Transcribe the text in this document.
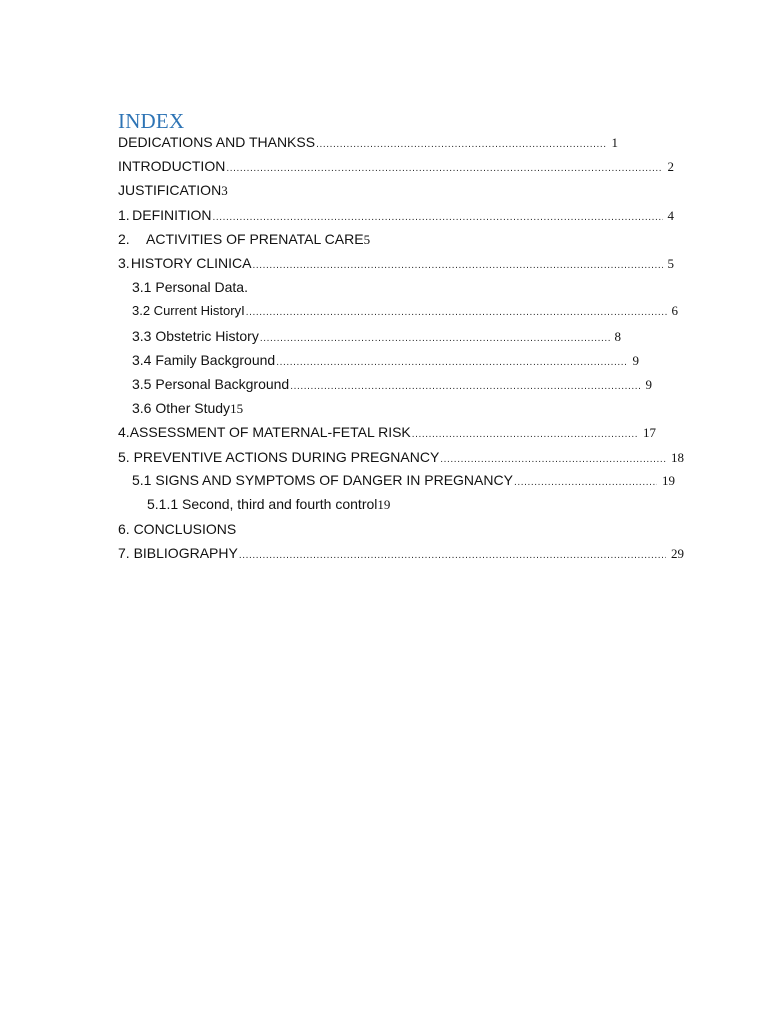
INDEX
DEDICATIONS AND THANKSS .....	1
INTRODUCTION .....	2
JUSTIFICATION 3
1. DEFINITION .....	4
2.	ACTIVITIES OF PRENATAL CARE 5
3. HISTORY CLINICA .....	5
3.1 Personal Data.
3.2 Current HistoryI .....	6
3.3 Obstetric History .....	8
3.4 Family Background .....	9
3.5 Personal Background .....	9
3.6 Other Study 15
4. ASSESSMENT OF MATERNAL-FETAL RISK .....	17
5. PREVENTIVE ACTIONS DURING PREGNANCY .....	18
5.1 SIGNS AND SYMPTOMS OF DANGER IN PREGNANCY .....	19
5.1.1 Second, third and fourth control 19
6. CONCLUSIONS
7. BIBLIOGRAPHY .....	29
